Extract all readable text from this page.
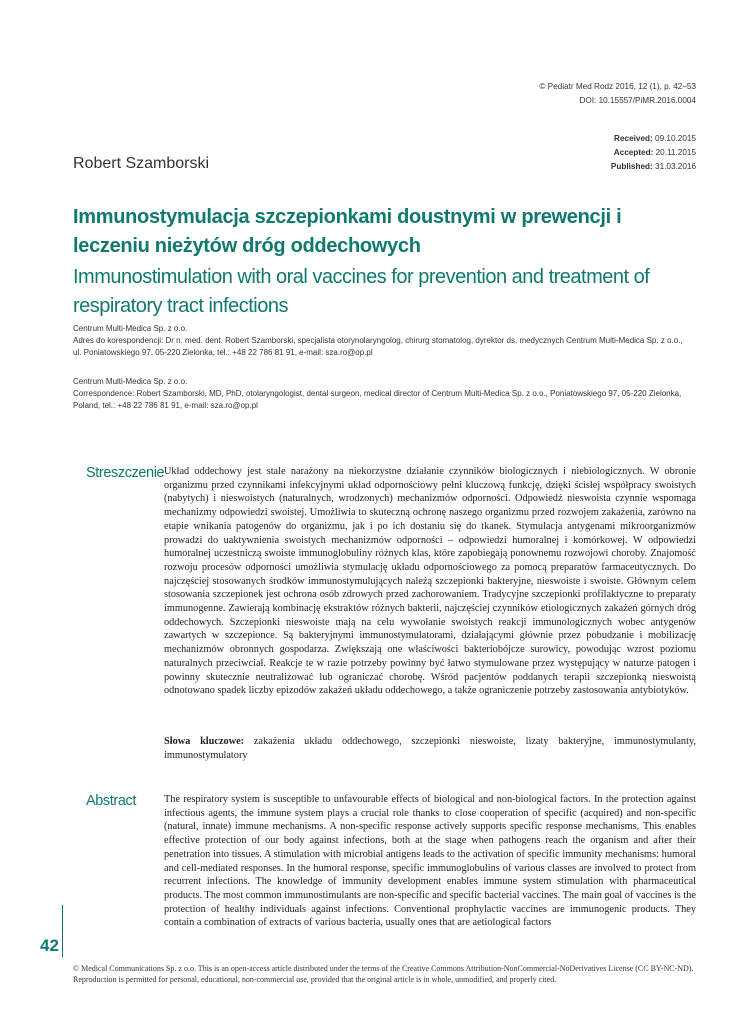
© Pediatr Med Rodz 2016, 12 (1), p. 42–53
DOI: 10.15557/PiMR.2016.0004
Received: 09.10.2015
Accepted: 20.11.2015
Published: 31.03.2016
Robert Szamborski
Immunostymulacja szczepionkami doustnymi w prewencji i leczeniu nieżytów dróg oddechowych
Immunostimulation with oral vaccines for prevention and treatment of respiratory tract infections
Centrum Multi-Medica Sp. z o.o.
Adres do korespondencji: Dr n. med. dent. Robert Szamborski, specjalista otorynolaryngolog, chirurg stomatolog, dyrektor ds. medycznych Centrum Multi-Medica Sp. z o.o., ul. Poniatowskiego 97, 05-220 Zielonka, tel.: +48 22 786 81 91, e-mail: sza.ro@op.pl
Centrum Multi-Medica Sp. z o.o.
Correspondence: Robert Szamborski, MD, PhD, otolaryngologist, dental surgeon, medical director of Centrum Multi-Medica Sp. z o.o., Poniatowskiego 97, 05-220 Zielonka, Poland, tel.: +48 22 786 81 91, e-mail: sza.ro@op.pl
Streszczenie Układ oddechowy jest stale narażony na niekorzystne działanie czynników biologicznych i niebiologicznych. W obronie organizmu przed czynnikami infekcyjnymi układ odpornościowy pełni kluczową funkcję, dzięki ścisłej współpracy swoistych (nabytych) i nieswoistych (naturalnych, wrodzonych) mechanizmów odporności. Odpowiedź nieswoista czynnie wspomaga mechanizmy odpowiedzi swoistej. Umożliwia to skuteczną ochronę naszego organizmu przed rozwojem zakażenia, zarówno na etapie wnikania patogenów do organizmu, jak i po ich dostaniu się do tkanek. Stymulacja antygenami mikroorganizmów prowadzi do uaktywnienia swoistych mechanizmów odporności – odpowiedzi humoralnej i komórkowej. W odpowiedzi humoralnej uczestniczą swoiste immunoglobuliny różnych klas, które zapobiegają ponownemu rozwojowi choroby. Znajomość rozwoju procesów odporności umożliwia stymulację układu odpornościowego za pomocą preparatów farmaceutycznych. Do najczęściej stosowanych środków immunostymulujących należą szczepionki bakteryjne, nieswoiste i swoiste. Głównym celem stosowania szczepionek jest ochrona osób zdrowych przed zachorowaniem. Tradycyjne szczepionki profilaktyczne to preparaty immunogenne. Zawierają kombinację ekstraktów różnych bakterii, najczęściej czynników etiologicznych zakażeń górnych dróg oddechowych. Szczepionki nieswoiste mają na celu wywołanie swoistych reakcji immunologicznych wobec antygenów zawartych w szczepionce. Są bakteryjnymi immunostymulatorami, działającymi głównie przez pobudzanie i mobilizację mechanizmów obronnych gospodarza. Zwiększają one właściwości bakteriobójcze surowicy, powodując wzrost poziomu naturalnych przeciwciał. Reakcje te w razie potrzeby powinny być łatwo stymulowane przez występujący w naturze patogen i powinny skutecznie neutralizować lub ograniczać chorobę. Wśród pacjentów poddanych terapii szczepionką nieswoistą odnotowano spadek liczby epizodów zakażeń układu oddechowego, a także ograniczenie potrzeby zastosowania antybiotyków.
Słowa kluczowe: zakażenia układu oddechowego, szczepionki nieswoiste, lizaty bakteryjne, immunostymulanty, immunostymulatory
Abstract	The respiratory system is susceptible to unfavourable effects of biological and non-biological factors. In the protection against infectious agents, the immune system plays a crucial role thanks to close cooperation of specific (acquired) and non-specific (natural, innate) immune mechanisms. A non-specific response actively supports specific response mechanisms. This enables effective protection of our body against infections, both at the stage when pathogens reach the organism and after their penetration into tissues. A stimulation with microbial antigens leads to the activation of specific immunity mechanisms: humoral and cell-mediated responses. In the humoral response, specific immunoglobulins of various classes are involved to protect from recurrent infections. The knowledge of immunity development enables immune system stimulation with pharmaceutical products. The most common immunostimulants are non-specific and specific bacterial vaccines. The main goal of vaccines is the protection of healthy individuals against infections. Conventional prophylactic vaccines are immunogenic products. They contain a combination of extracts of various bacteria, usually ones that are aetiological factors
42
© Medical Communications Sp. z o.o. This is an open-access article distributed under the terms of the Creative Commons Attribution-NonCommercial-NoDerivatives License (CC BY-NC-ND). Reproduction is permitted for personal, educational, non-commercial use, provided that the original article is in whole, unmodified, and properly cited.
